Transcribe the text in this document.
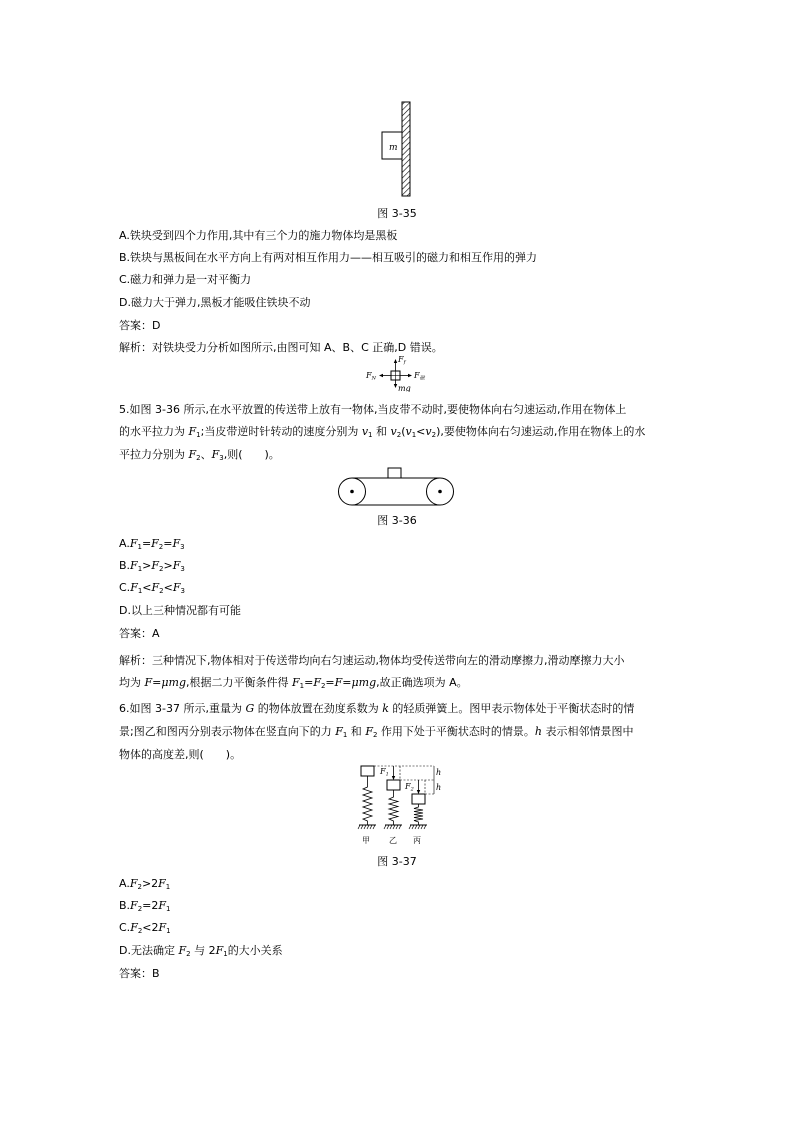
m
图 3-35
A.铁块受到四个力作用,其中有三个力的施力物体均是黑板
B.铁块与黑板间在水平方向上有两对相互作用力——相互吸引的磁力和相互作用的弹力
C.磁力和弹力是一对平衡力
D.磁力大于弹力,黑板才能吸住铁块不动
答案：D
解析：对铁块受力分析如图所示,由图可知 A、B、C 正确,D 错误。
Ff
FN	F磁
mg
5.如图 3-36 所示,在水平放置的传送带上放有一物体,当皮带不动时,要使物体向右匀速运动,作用在物体上
的水平拉力为 $F_1$;当皮带逆时针转动的速度分别为 $v_1$ 和 $v_2(v_1<v_2)$,要使物体向右匀速运动,作用在物体上的水
平拉力分别为 $F_2$、$F_3$,则(　　)。
图 3-36
$A.F_1=F_2=F_3$
$B.F_1>F_2>F_3$
$C.F_1<F_2<F_3$
D.以上三种情况都有可能
答案：A
解析：三种情况下,物体相对于传送带均向右匀速运动,物体均受传送带向左的滑动摩擦力,滑动摩擦力大小
均为 F=μmg,根据二力平衡条件得 $F_1=F_2=F=\mu mg$,故正确选项为 A。
6.如图 3-37 所示,重量为 G 的物体放置在劲度系数为 k 的轻质弹簧上。图甲表示物体处于平衡状态时的情
景;图乙和图丙分别表示物体在竖直向下的力 $F_1$ 和 $F_2$ 作用下处于平衡状态时的情景。h 表示相邻情景图中
物体的高度差,则(　　)。
甲
F1
乙
F2
丙
h
h
图 3-37
$A.F_2>2F_1$
$B.F_2=2F_1$
$C.F_2<2F_1$
D.无法确定 $F_2$ 与 $2F_1$的大小关系
答案：B
